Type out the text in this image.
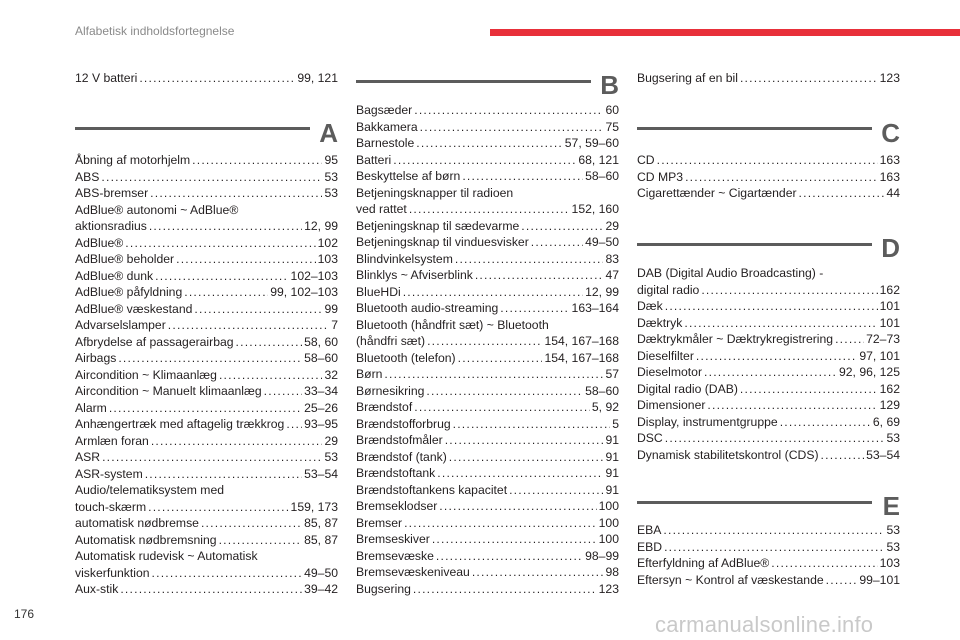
Alfabetisk indholdsfortegnelse
12 V batteri .....	99, 121
A
Åbning af motorhjelm .....	95
ABS .....	53
ABS-bremser .....	53
AdBlue® autonomi ~ AdBlue®
aktionsradius .....	12, 99
AdBlue® .....	102
AdBlue® beholder .....	103
AdBlue® dunk .....	102–103
AdBlue® påfyldning .....	99, 102–103
AdBlue® væskestand .....	99
Advarselslamper .....	7
Afbrydelse af passagerairbag .....	58, 60
Airbags .....	58–60
Aircondition ~ Klimaanlæg .....	32
Aircondition ~ Manuelt klimaanlæg .....	33–34
Alarm .....	25–26
Anhængertræk med aftagelig trækkrog ..... 93–95
Armlæn foran .....	29
ASR .....	53
ASR-system .....	53–54
Audio/telematiksystem med
touch-skærm .....	159, 173
automatisk nødbremse .....	85, 87
Automatisk nødbremsning .....	85, 87
Automatisk rudevisk ~ Automatisk
viskerfunktion .....	49–50
Aux-stik .....	39–42
B
Bagsæder .....	60
Bakkamera .....	75
Barnestole .....	57, 59–60
Batteri .....	68, 121
Beskyttelse af børn .....	58–60
Betjeningsknapper til radioen
ved rattet .....	152, 160
Betjeningsknap til sædevarme .....	29
Betjeningsknap til vinduesvisker .....	49–50
Blindvinkelsystem .....	83
Blinklys ~ Afviserblink .....	47
BlueHDi .....	12, 99
Bluetooth audio-streaming .....	163–164
Bluetooth (håndfrit sæt) ~ Bluetooth
(håndfri sæt) .....	154, 167–168
Bluetooth (telefon) .....	154, 167–168
Børn .....	57
Børnesikring .....	58–60
Brændstof .....	5, 92
Brændstofforbrug .....	5
Brændstofmåler .....	91
Brændstof (tank) .....	91
Brændstoftank .....	91
Brændstoftankens kapacitet .....	91
Bremseklodser .....	100
Bremser .....	100
Bremseskiver .....	100
Bremsevæske .....	98–99
Bremsevæskeniveau .....	98
Bugsering .....	123
Bugsering af en bil .....	123
C
CD .....	163
CD MP3 .....	163
Cigarettænder ~ Cigartænder .....	44
D
DAB (Digital Audio Broadcasting) -
digital radio .....	162
Dæk .....	101
Dæktryk .....	101
Dæktrykmåler ~ Dæktrykregistrering .....	72–73
Dieselfilter .....	97, 101
Dieselmotor .....	92, 96, 125
Digital radio (DAB) .....	162
Dimensioner .....	129
Display, instrumentgruppe .....	6, 69
DSC .....	53
Dynamisk stabilitetskontrol (CDS) .....	53–54
E
EBA .....	53
EBD .....	53
Efterfyldning af AdBlue® .....	103
Eftersyn ~ Kontrol af væskestande .....	99–101
176	carmanualsonline.info
